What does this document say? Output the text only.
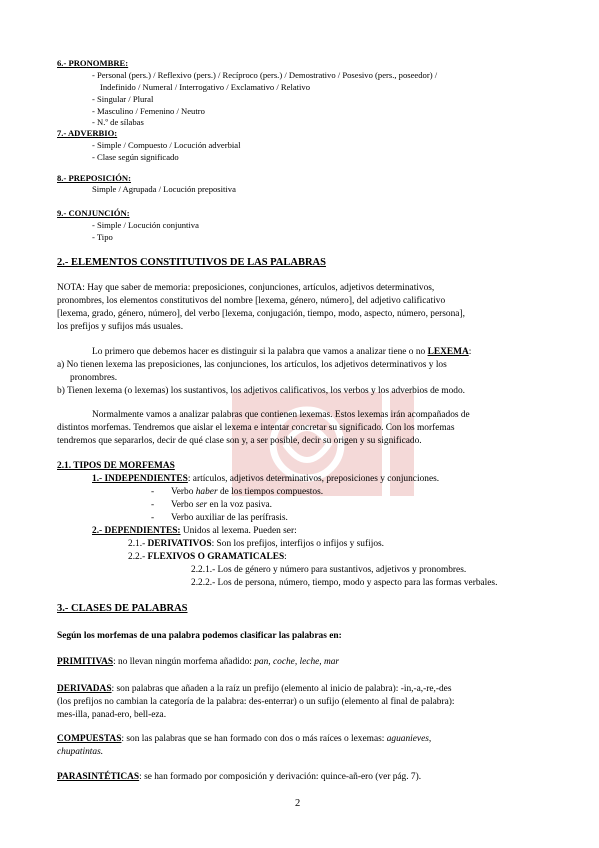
6.- PRONOMBRE:
- Personal (pers.) / Reflexivo (pers.) / Recíproco (pers.) / Demostrativo / Posesivo (pers., poseedor) /
Indefinido / Numeral / Interrogativo / Exclamativo / Relativo
- Singular / Plural
- Masculino / Femenino / Neutro
- N.º de sílabas
7.- ADVERBIO:
- Simple / Compuesto / Locución adverbial
- Clase según significado
8.- PREPOSICIÓN:
Simple / Agrupada / Locución prepositiva
9.- CONJUNCIÓN:
- Simple / Locución conjuntiva
- Tipo
2.- ELEMENTOS CONSTITUTIVOS DE LAS PALABRAS
NOTA: Hay que saber de memoria: preposiciones, conjunciones, artículos, adjetivos determinativos,
pronombres, los elementos constitutivos del nombre [lexema, género, número], del adjetivo calificativo
[lexema, grado, género, número], del verbo [lexema, conjugación, tiempo, modo, aspecto, número, persona],
los prefijos y sufijos más usuales.
Lo primero que debemos hacer es distinguir si la palabra que vamos a analizar tiene o no LEXEMA:
a) No tienen lexema las preposiciones, las conjunciones, los artículos, los adjetivos determinativos y los
pronombres.
b) Tienen lexema (o lexemas) los sustantivos, los adjetivos calificativos, los verbos y los adverbios de modo.
Normalmente vamos a analizar palabras que contienen lexemas. Estos lexemas irán acompañados de
distintos morfemas. Tendremos que aislar el lexema e intentar concretar su significado. Con los morfemas
tendremos que separarlos, decir de qué clase son y, a ser posible, decir su origen y su significado.
2.1. TIPOS DE MORFEMAS
1.- INDEPENDIENTES: artículos, adjetivos determinativos, preposiciones y conjunciones.
- Verbo haber de los tiempos compuestos.
- Verbo ser en la voz pasiva.
- Verbo auxiliar de las perífrasis.
2.- DEPENDIENTES: Unidos al lexema. Pueden ser:
2.1.- DERIVATIVOS: Son los prefijos, interfijos o infijos y sufijos.
2.2.- FLEXIVOS O GRAMATICALES:
2.2.1.- Los de género y número para sustantivos, adjetivos y pronombres.
2.2.2.- Los de persona, número, tiempo, modo y aspecto para las formas verbales.
3.- CLASES DE PALABRAS
Según los morfemas de una palabra podemos clasificar las palabras en:
PRIMITIVAS: no llevan ningún morfema añadido: pan, coche, leche, mar
DERIVADAS: son palabras que añaden a la raíz un prefijo (elemento al inicio de palabra): -in,-a,-re,-des
(los prefijos no cambian la categoría de la palabra: des-enterrar) o un sufijo (elemento al final de palabra):
mes-illa, panad-ero, bell-eza.
COMPUESTAS: son las palabras que se han formado con dos o más raíces o lexemas: aguanieves,
chupatintas.
PARASINTÉTICAS: se han formado por composición y derivación: quince-añ-ero (ver pág. 7).
2
